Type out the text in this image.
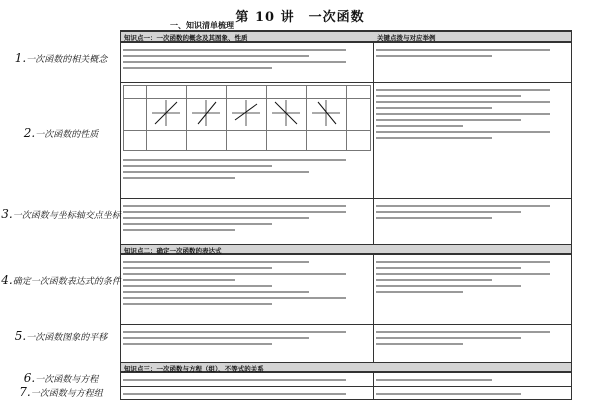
第 10 讲　一次函数
一、知识清单梳理
知识点一：一次函数的概念及其图象、性质	关键点拨与对应举例
1.一次函数的相关概念
2.一次函数的性质
3.一次函数与坐标轴交点坐标
知识点二：确定一次函数的表达式
4.确定一次函数表达式的条件
5.一次函数图象的平移
知识点三：一次函数与方程（组）、不等式的关系
6.一次函数与方程
7.一次函数与方程组
